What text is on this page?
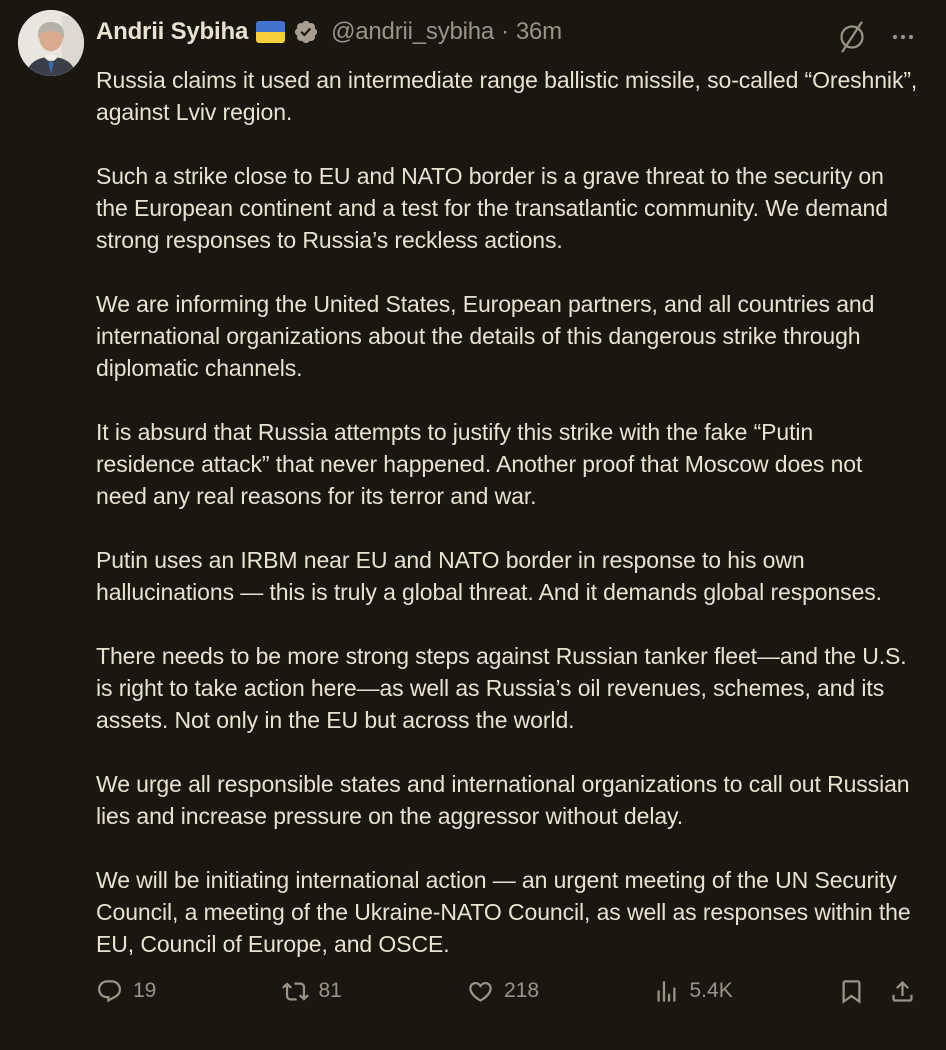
Andrii Sybiha	@andrii_sybiha · 36m

Russia claims it used an intermediate range ballistic missile, so-called “Oreshnik”, against Lviv region.

Such a strike close to EU and NATO border is a grave threat to the security on the European continent and a test for the transatlantic community. We demand strong responses to Russia’s reckless actions.

We are informing the United States, European partners, and all countries and international organizations about the details of this dangerous strike through diplomatic channels.

It is absurd that Russia attempts to justify this strike with the fake “Putin residence attack” that never happened. Another proof that Moscow does not need any real reasons for its terror and war.

Putin uses an IRBM near EU and NATO border in response to his own hallucinations — this is truly a global threat. And it demands global responses.

There needs to be more strong steps against Russian tanker fleet—and the U.S. is right to take action here—as well as Russia’s oil revenues, schemes, and its assets. Not only in the EU but across the world.

We urge all responsible states and international organizations to call out Russian lies and increase pressure on the aggressor without delay.

We will be initiating international action — an urgent meeting of the UN Security Council, a meeting of the Ukraine-NATO Council, as well as responses within the EU, Council of Europe, and OSCE.

19	81	218	5.4K
